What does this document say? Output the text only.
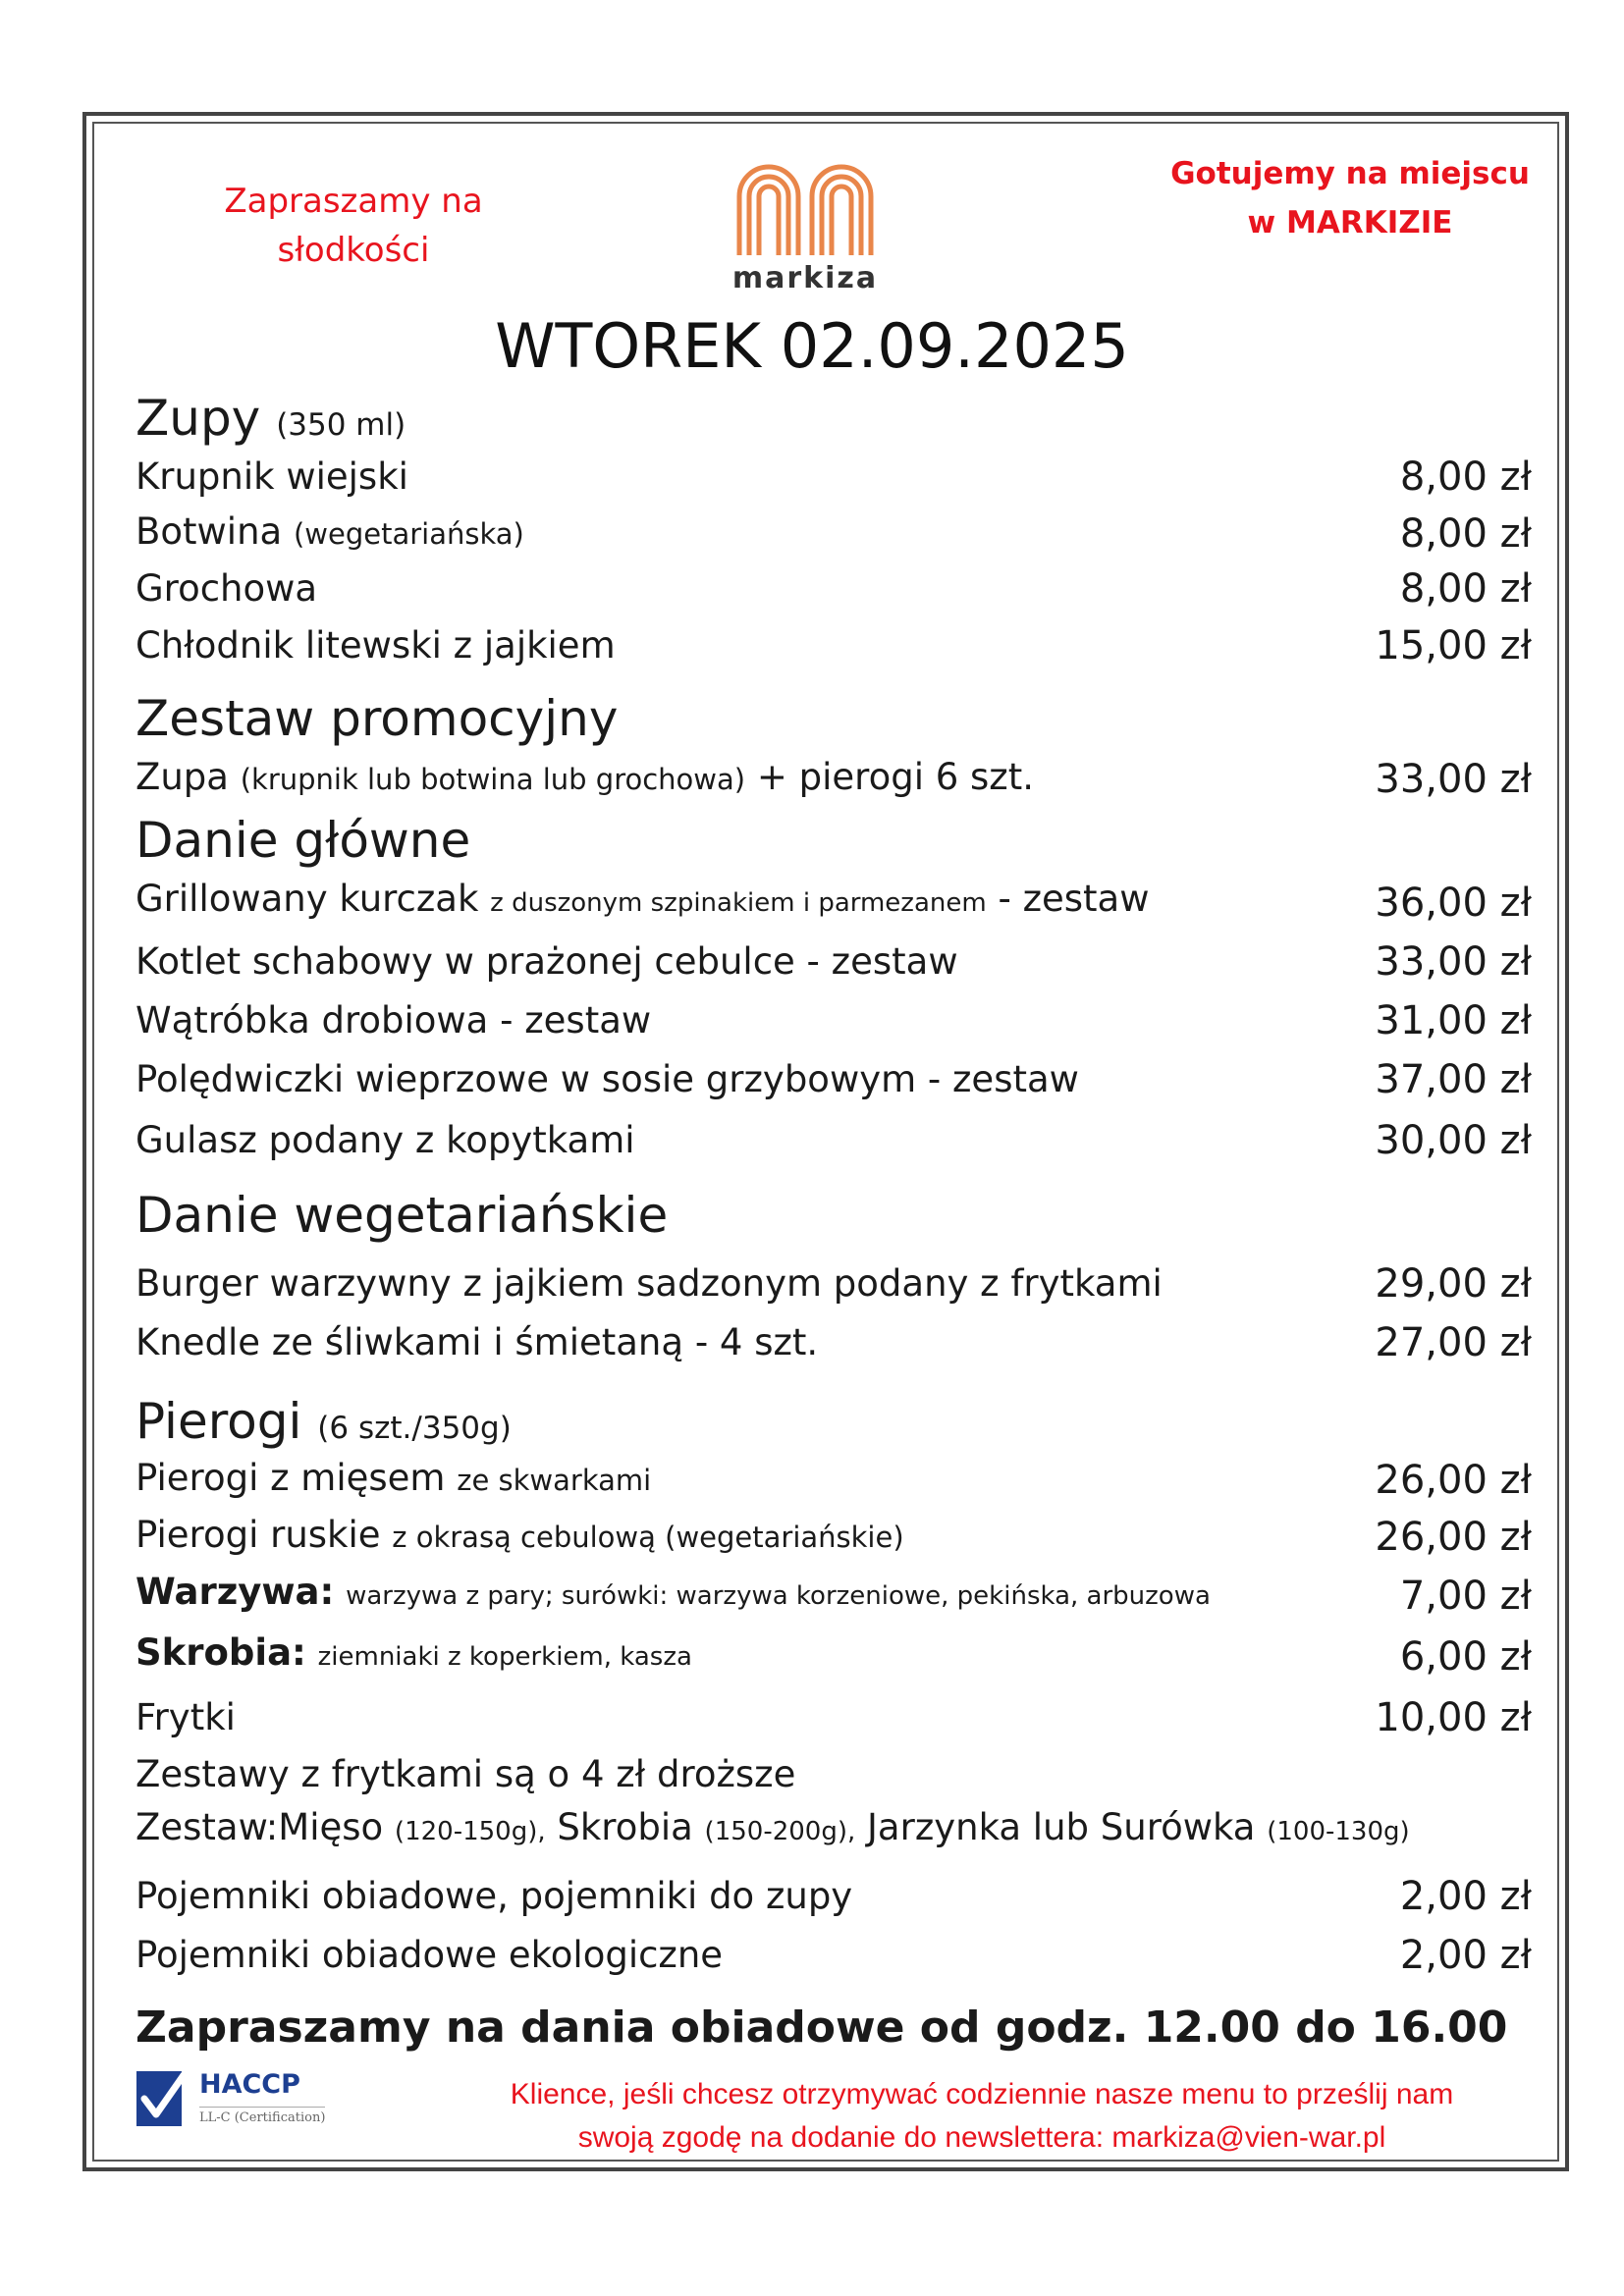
Zapraszamy na
słodkości
markiza
Gotujemy na miejscu
w MARKIZIE
WTOREK 02.09.2025
Zupy (350 ml)
Krupnik wiejski	8,00 zł
Botwina (wegetariańska)	8,00 zł
Grochowa	8,00 zł
Chłodnik litewski z jajkiem	15,00 zł
Zestaw promocyjny
Zupa (krupnik lub botwina lub grochowa) + pierogi 6 szt.	33,00 zł
Danie główne
Grillowany kurczak z duszonym szpinakiem i parmezanem - zestaw	36,00 zł
Kotlet schabowy w prażonej cebulce - zestaw	33,00 zł
Wątróbka drobiowa - zestaw	31,00 zł
Polędwiczki wieprzowe w sosie grzybowym - zestaw	37,00 zł
Gulasz podany z kopytkami	30,00 zł
Danie wegetariańskie
Burger warzywny z jajkiem sadzonym podany z frytkami	29,00 zł
Knedle ze śliwkami i śmietaną - 4 szt.	27,00 zł
Pierogi (6 szt./350g)
Pierogi z mięsem ze skwarkami	26,00 zł
Pierogi ruskie z okrasą cebulową (wegetariańskie)	26,00 zł
Warzywa: warzywa z pary; surówki: warzywa korzeniowe, pekińska, arbuzowa	7,00 zł
Skrobia: ziemniaki z koperkiem, kasza	6,00 zł
Frytki	10,00 zł
Zestawy z frytkami są o 4 zł droższe
Zestaw:Mięso (120-150g), Skrobia (150-200g), Jarzynka lub Surówka (100-130g)
Pojemniki obiadowe, pojemniki do zupy	2,00 zł
Pojemniki obiadowe ekologiczne	2,00 zł
Zapraszamy na dania obiadowe od godz. 12.00 do 16.00
HACCP
LL-C (Certification)
Klience, jeśli chcesz otrzymywać codziennie nasze menu to prześlij nam
swoją zgodę na dodanie do newslettera: markiza@vien-war.pl
